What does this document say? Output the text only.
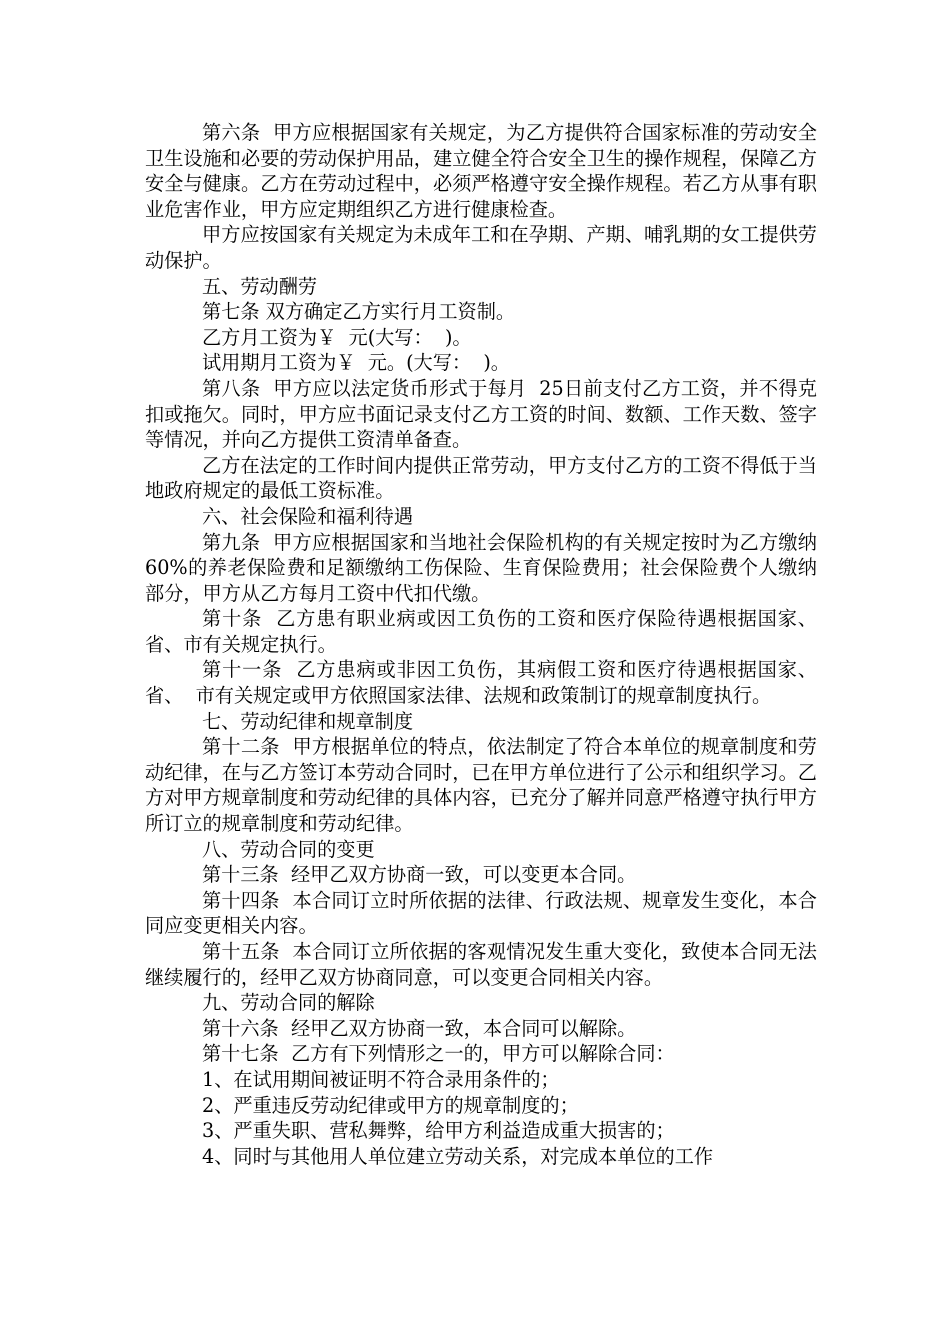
第六条  甲方应根据国家有关规定，为乙方提供符合国家标准的劳动安全 卫生设施和必要的劳动保护用品，建立健全符合安全卫生的操作规程，保障乙方安全与健康。乙方在劳动过程中，必须严格遵守安全操作规程。若乙方从事有职业危害作业，甲方应定期组织乙方进行健康检查。

甲方应按国家有关规定为未成年工和在孕期、产期、哺乳期的女工提供劳动保护。

五、劳动酬劳

第七条 双方确定乙方实行月工资制。

乙方月工资为￥  元(大写：  )。

试用期月工资为￥  元。(大写：  )。

第八条  甲方应以法定货币形式于每月  25日前支付乙方工资，并不得克扣或拖欠。同时，甲方应书面记录支付乙方工资的时间、数额、工作天数、签字等情况，并向乙方提供工资清单备查。

乙方在法定的工作时间内提供正常劳动，甲方支付乙方的工资不得低于当地政府规定的最低工资标准。

六、社会保险和福利待遇

第九条  甲方应根据国家和当地社会保险机构的有关规定按时为乙方缴纳60%的养老保险费和足额缴纳工伤保险、生育保险费用；社会保险费个人缴纳部分，甲方从乙方每月工资中代扣代缴。

第十条  乙方患有职业病或因工负伤的工资和医疗保险待遇根据国家、省、市有关规定执行。

第十一条  乙方患病或非因工负伤，其病假工资和医疗待遇根据国家、省、  市有关规定或甲方依照国家法律、法规和政策制订的规章制度执行。

七、劳动纪律和规章制度

第十二条  甲方根据单位的特点，依法制定了符合本单位的规章制度和劳动纪律，在与乙方签订本劳动合同时，已在甲方单位进行了公示和组织学习。乙方对甲方规章制度和劳动纪律的具体内容，已充分了解并同意严格遵守执行甲方所订立的规章制度和劳动纪律。

八、劳动合同的变更

第十三条  经甲乙双方协商一致，可以变更本合同。

第十四条  本合同订立时所依据的法律、行政法规、规章发生变化，本合同应变更相关内容。

第十五条  本合同订立所依据的客观情况发生重大变化，致使本合同无法继续履行的，经甲乙双方协商同意，可以变更合同相关内容。

九、劳动合同的解除

第十六条  经甲乙双方协商一致，本合同可以解除。

第十七条  乙方有下列情形之一的，甲方可以解除合同：

1、在试用期间被证明不符合录用条件的；

2、严重违反劳动纪律或甲方的规章制度的；

3、严重失职、营私舞弊，给甲方利益造成重大损害的；

4、同时与其他用人单位建立劳动关系，对完成本单位的工作
